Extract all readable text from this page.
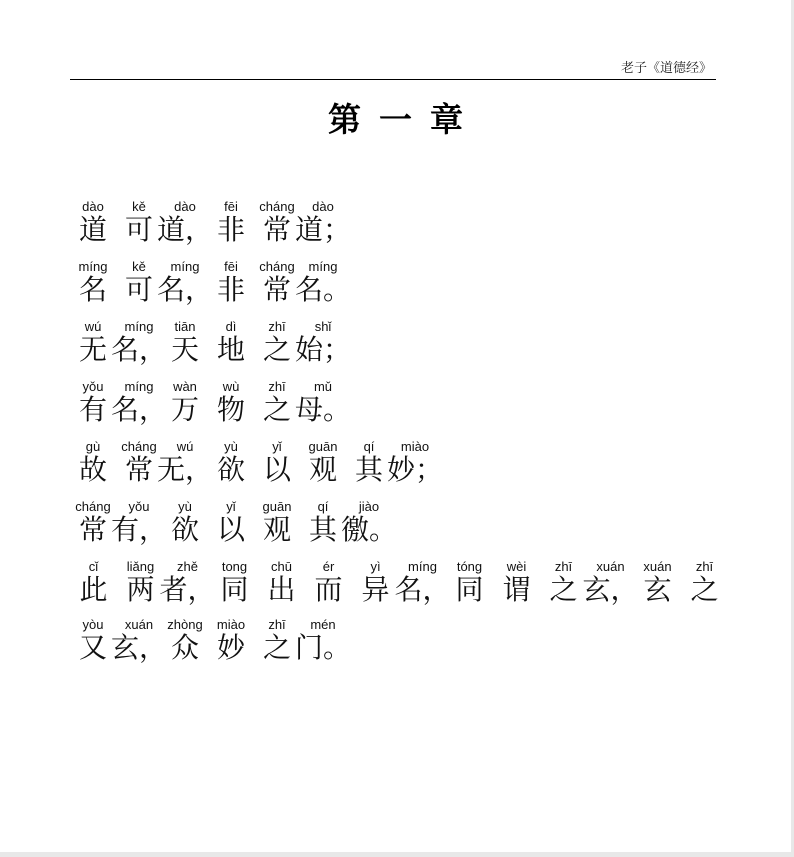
老子《道德经》
第一章
dào
道
kě
可
dào
道，
fēi
非
cháng
常
dào
道；
míng
名
kě
可
míng
名，
fēi
非
cháng
常
míng
名。
wú
无
míng
名，
tiān
天
dì
地
zhī
之
shǐ
始；
yǒu
有
míng
名，
wàn
万
wù
物
zhī
之
mǔ
母。
gù
故
cháng
常
wú
无，
yù
欲
yǐ
以
guān
观
qí
其
miào
妙；
cháng
常
yǒu
有，
yù
欲
yǐ
以
guān
观
qí
其
jiào
徼。
cǐ
此
liǎng
两
zhě
者，
tong
同
chū
出
ér
而
yì
异
míng
名，
tóng
同
wèi
谓
zhī
之
xuán
玄，
xuán
玄
zhī
之
yòu
又
xuán
玄，
zhòng
众
miào
妙
zhī
之
mén
门。
